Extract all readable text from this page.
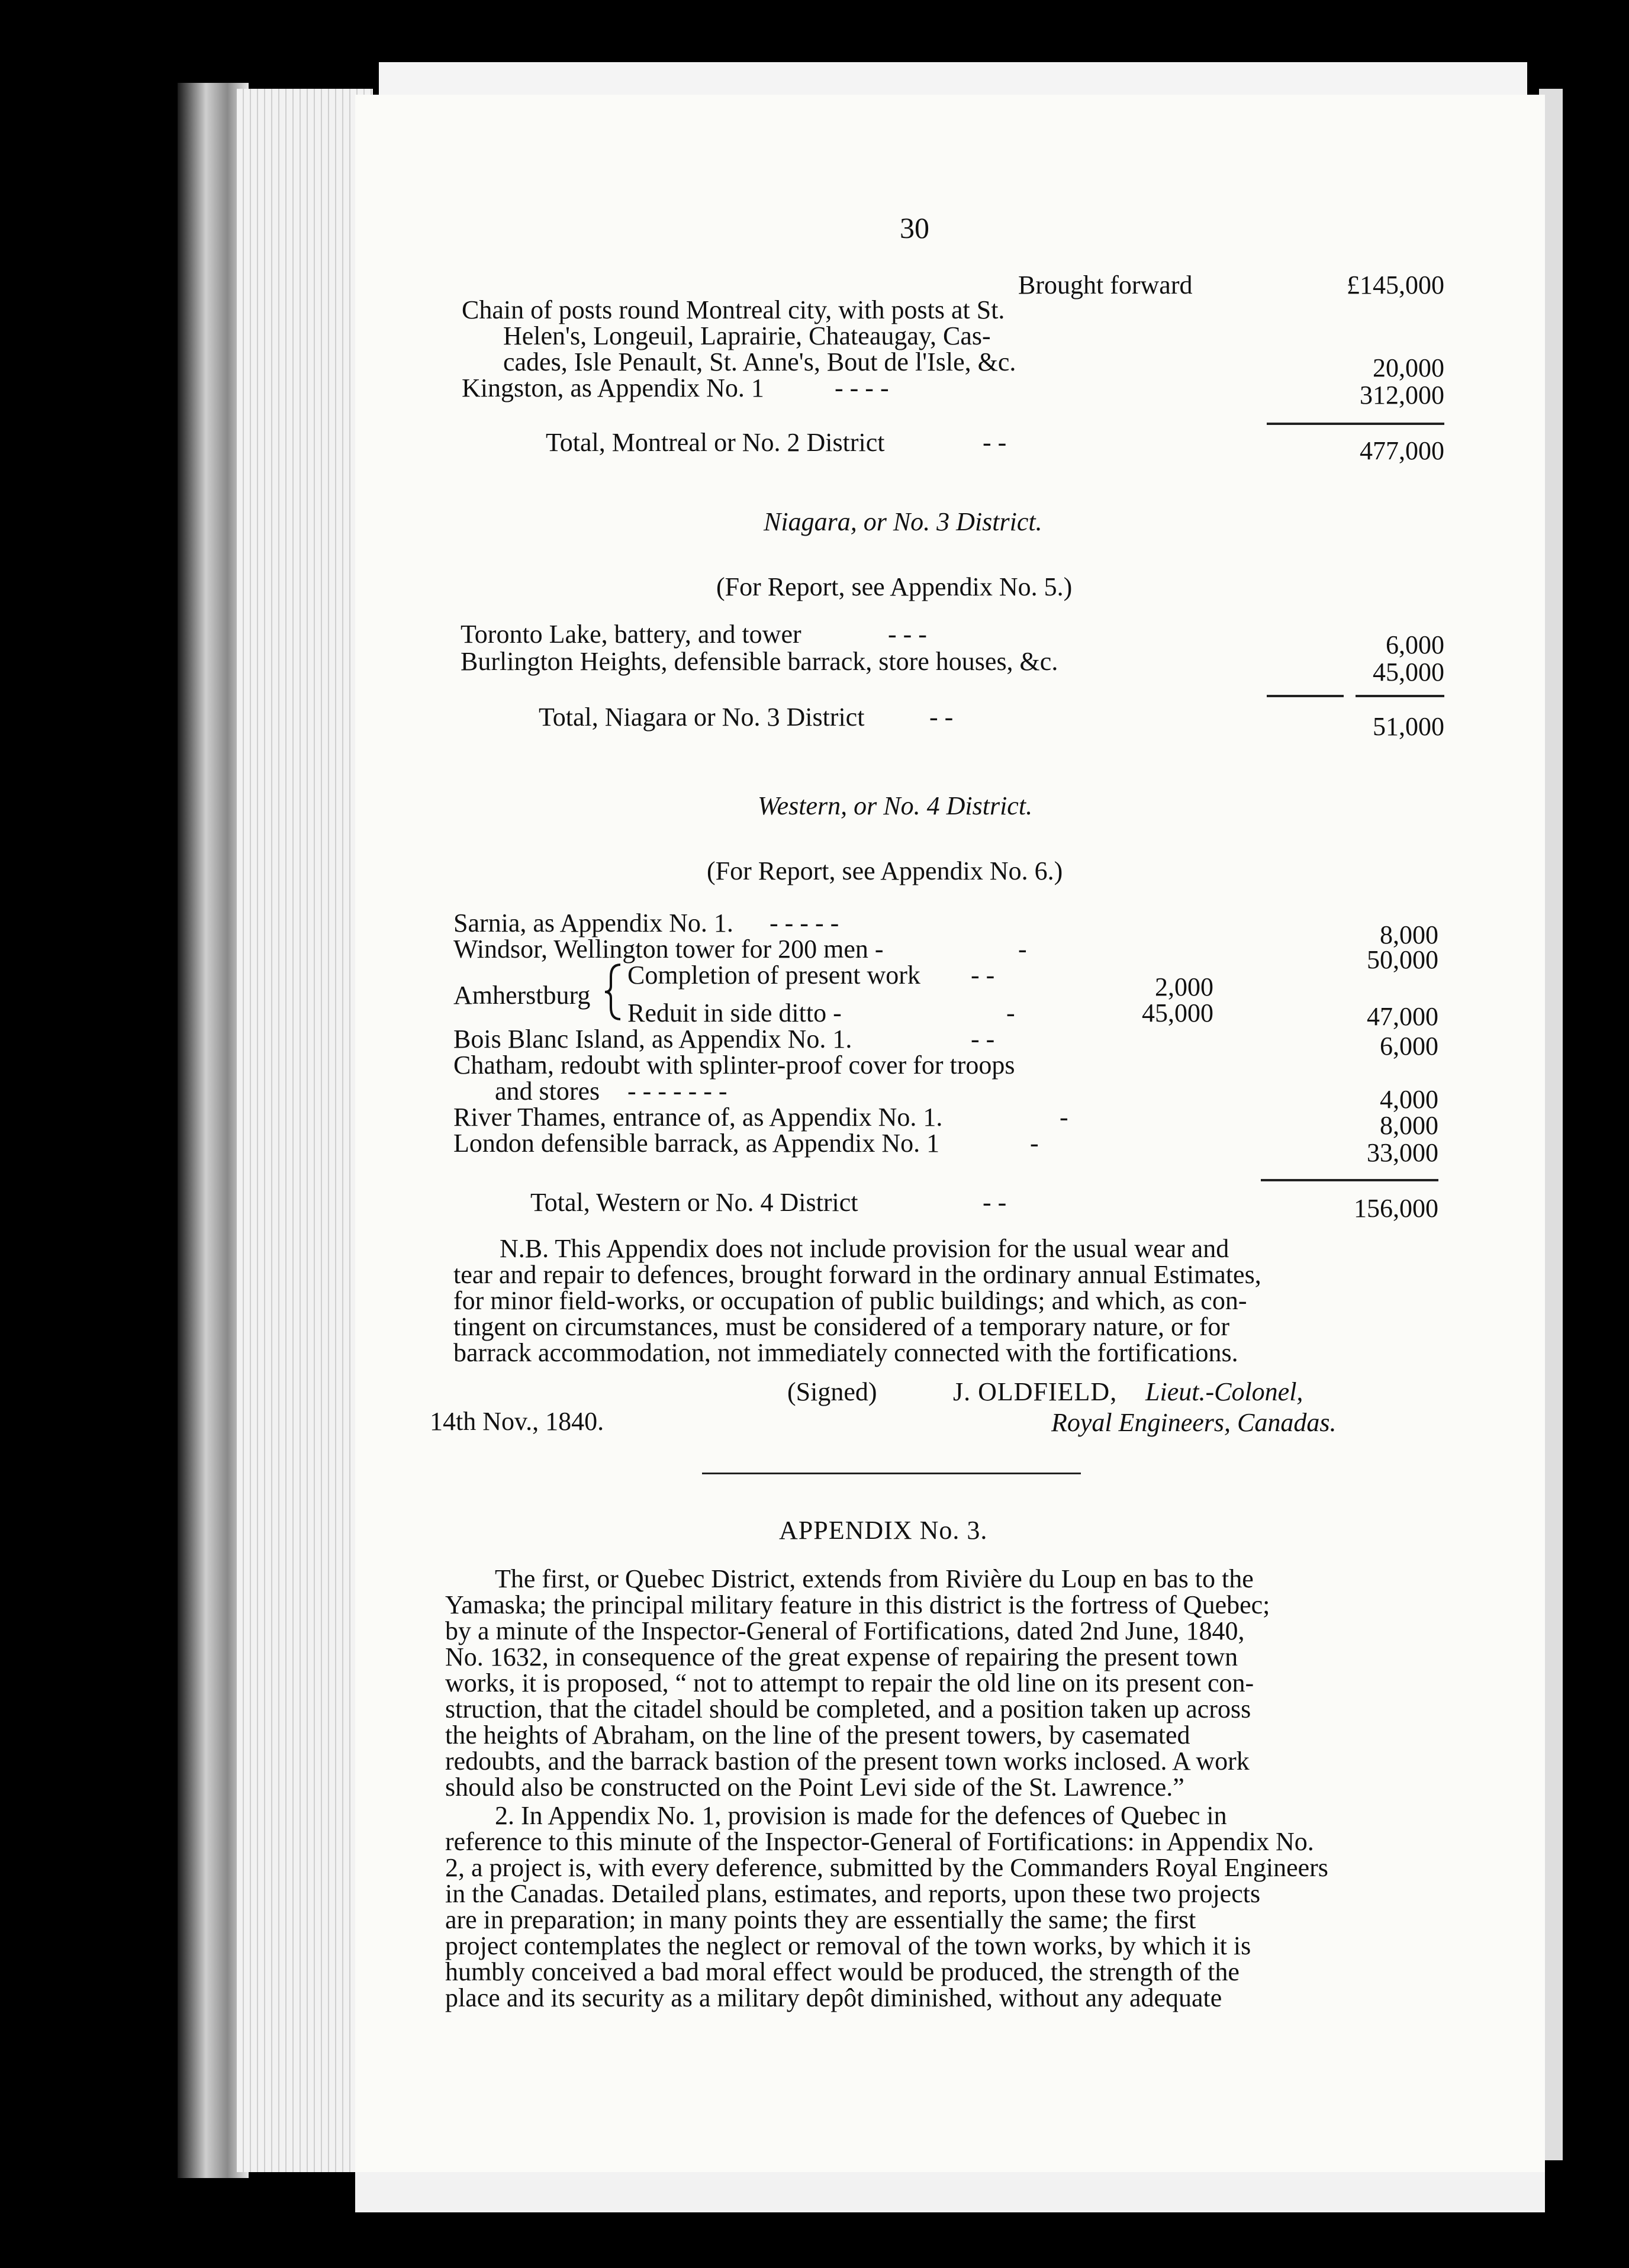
30
Brought forward	£145,000
Chain of posts round Montreal city, with posts at St.
Helen's, Longeuil, Laprairie, Chateaugay, Cas-
cades, Isle Penault, St. Anne's, Bout de l'Isle, &c.	20,000
Kingston, as Appendix No. 1	- - - -	312,000
Total, Montreal or No. 2 District	- -	477,000
Niagara, or No. 3 District.
(For Report, see Appendix No. 5.)
Toronto Lake, battery, and tower	- - -	6,000
Burlington Heights, defensible barrack, store houses, &c.	45,000
Total, Niagara or No. 3 District - -	51,000
Western, or No. 4 District.
(For Report, see Appendix No. 6.)
Sarnia, as Appendix No. 1. - - - - -	8,000
Windsor, Wellington tower for 200 men -	-	50,000
Amherstburg
Completion of present work - -	2,000
Reduit in side ditto -	-	45,000	47,000
Bois Blanc Island, as Appendix No. 1.	- -	6,000
Chatham, redoubt with splinter-proof cover for troops
and stores - - - - - - -	4,000
River Thames, entrance of, as Appendix No. 1.	-	8,000
London defensible barrack, as Appendix No. 1	-	33,000
Total, Western or No. 4 District	- -	156,000
N.B. This Appendix does not include provision for the usual wear and
tear and repair to defences, brought forward in the ordinary annual Estimates,
for minor field-works, or occupation of public buildings; and which, as con-
tingent on circumstances, must be considered of a temporary nature, or for
barrack accommodation, not immediately connected with the fortifications.
(Signed)	J. OLDFIELD, Lieut.-Colonel,
14th Nov., 1840.	Royal Engineers, Canadas.
APPENDIX No. 3.
The first, or Quebec District, extends from Rivière du Loup en bas to the
Yamaska; the principal military feature in this district is the fortress of Quebec;
by a minute of the Inspector-General of Fortifications, dated 2nd June, 1840,
No. 1632, in consequence of the great expense of repairing the present town
works, it is proposed, “ not to attempt to repair the old line on its present con-
struction, that the citadel should be completed, and a position taken up across
the heights of Abraham, on the line of the present towers, by casemated
redoubts, and the barrack bastion of the present town works inclosed. A work
should also be constructed on the Point Levi side of the St. Lawrence.”
2. In Appendix No. 1, provision is made for the defences of Quebec in
reference to this minute of the Inspector-General of Fortifications: in Appendix No.
2, a project is, with every deference, submitted by the Commanders Royal Engineers
in the Canadas. Detailed plans, estimates, and reports, upon these two projects
are in preparation; in many points they are essentially the same; the first
project contemplates the neglect or removal of the town works, by which it is
humbly conceived a bad moral effect would be produced, the strength of the
place and its security as a military depôt diminished, without any adequate
